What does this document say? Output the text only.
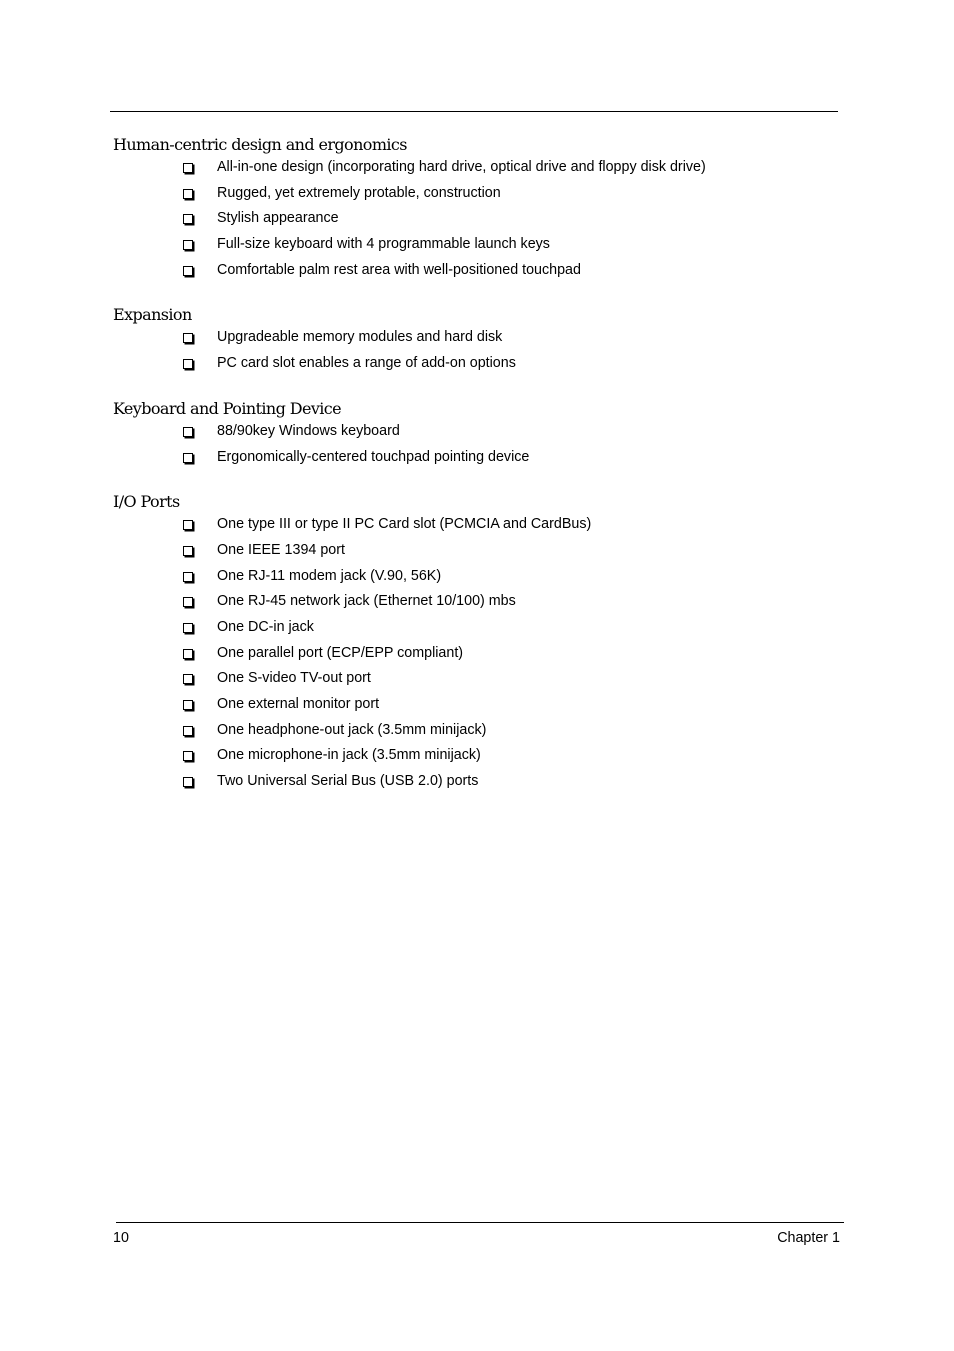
Human-centric design and ergonomics
All-in-one design (incorporating hard drive, optical drive and floppy disk drive)
Rugged, yet extremely protable, construction
Stylish appearance
Full-size keyboard with 4 programmable launch keys
Comfortable palm rest area with well-positioned touchpad
Expansion
Upgradeable memory modules and hard disk
PC card slot enables a range of add-on options
Keyboard and Pointing Device
88/90key Windows keyboard
Ergonomically-centered touchpad pointing device
I/O Ports
One type III or type II PC Card slot (PCMCIA and CardBus)
One IEEE 1394 port
One RJ-11 modem jack (V.90, 56K)
One RJ-45 network jack (Ethernet 10/100) mbs
One DC-in jack
One parallel port (ECP/EPP compliant)
One S-video TV-out port
One external monitor port
One headphone-out jack (3.5mm minijack)
One microphone-in jack (3.5mm minijack)
Two Universal Serial Bus (USB 2.0) ports
10	Chapter 1
